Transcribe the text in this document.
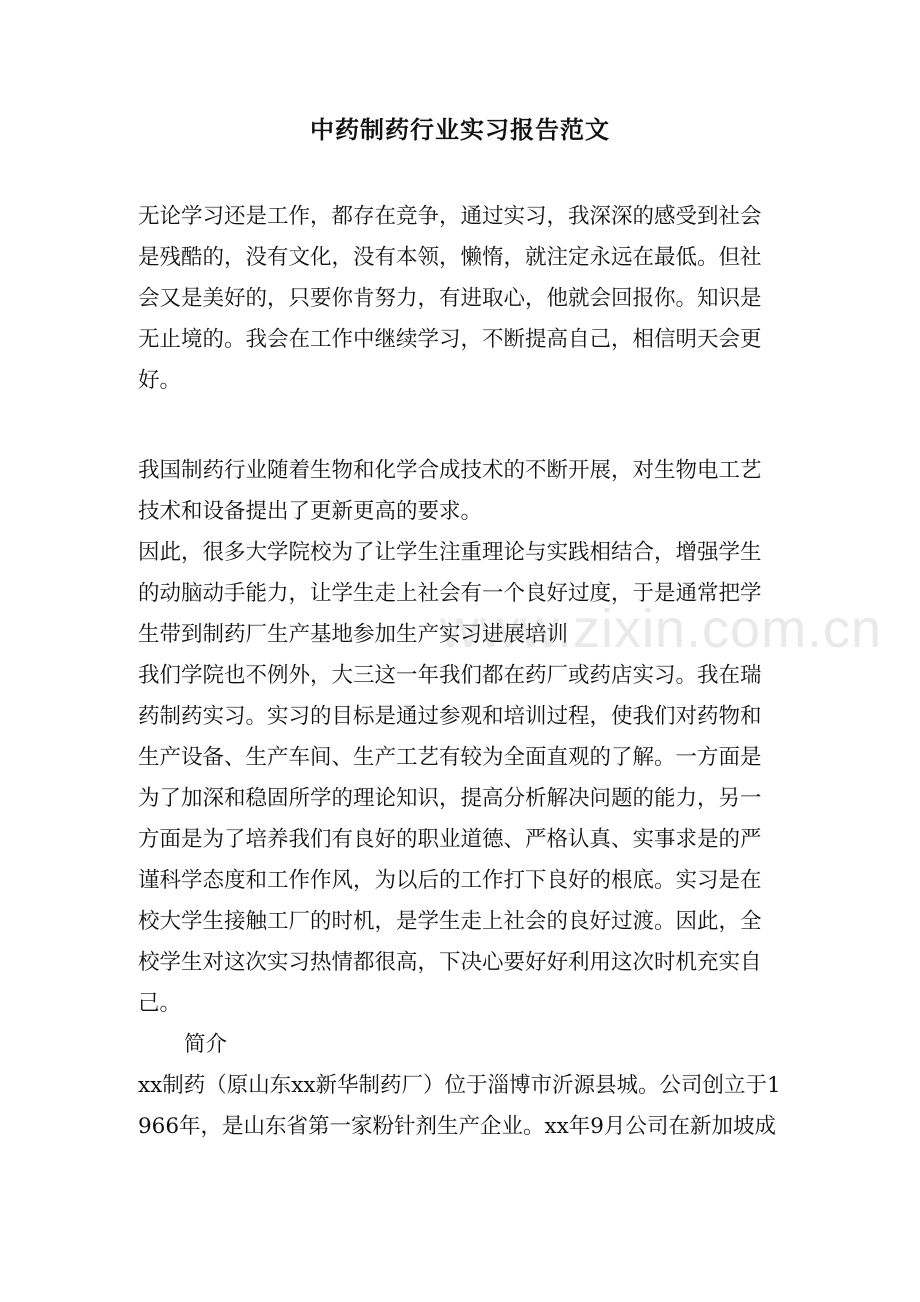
www.zixin.com.cn
中药制药行业实习报告范文
无论学习还是工作，都存在竞争，通过实习，我深深的感受到社会
是残酷的，没有文化，没有本领，懒惰，就注定永远在最低。但社
会又是美好的，只要你肯努力，有进取心，他就会回报你。知识是
无止境的。我会在工作中继续学习，不断提高自己，相信明天会更
好。
我国制药行业随着生物和化学合成技术的不断开展，对生物电工艺
技术和设备提出了更新更高的要求。
因此，很多大学院校为了让学生注重理论与实践相结合，增强学生
的动脑动手能力，让学生走上社会有一个良好过度，于是通常把学
生带到制药厂生产基地参加生产实习进展培训
我们学院也不例外，大三这一年我们都在药厂或药店实习。我在瑞
药制药实习。实习的目标是通过参观和培训过程，使我们对药物和
生产设备、生产车间、生产工艺有较为全面直观的了解。一方面是
为了加深和稳固所学的理论知识，提高分析解决问题的能力，另一
方面是为了培养我们有良好的职业道德、严格认真、实事求是的严
谨科学态度和工作作风，为以后的工作打下良好的根底。实习是在
校大学生接触工厂的时机，是学生走上社会的良好过渡。因此，全
校学生对这次实习热情都很高，下决心要好好利用这次时机充实自
己。
简介
xx制药（原山东xx新华制药厂）位于淄博市沂源县城。公司创立于1
966年，是山东省第一家粉针剂生产企业。xx年9月公司在新加坡成
